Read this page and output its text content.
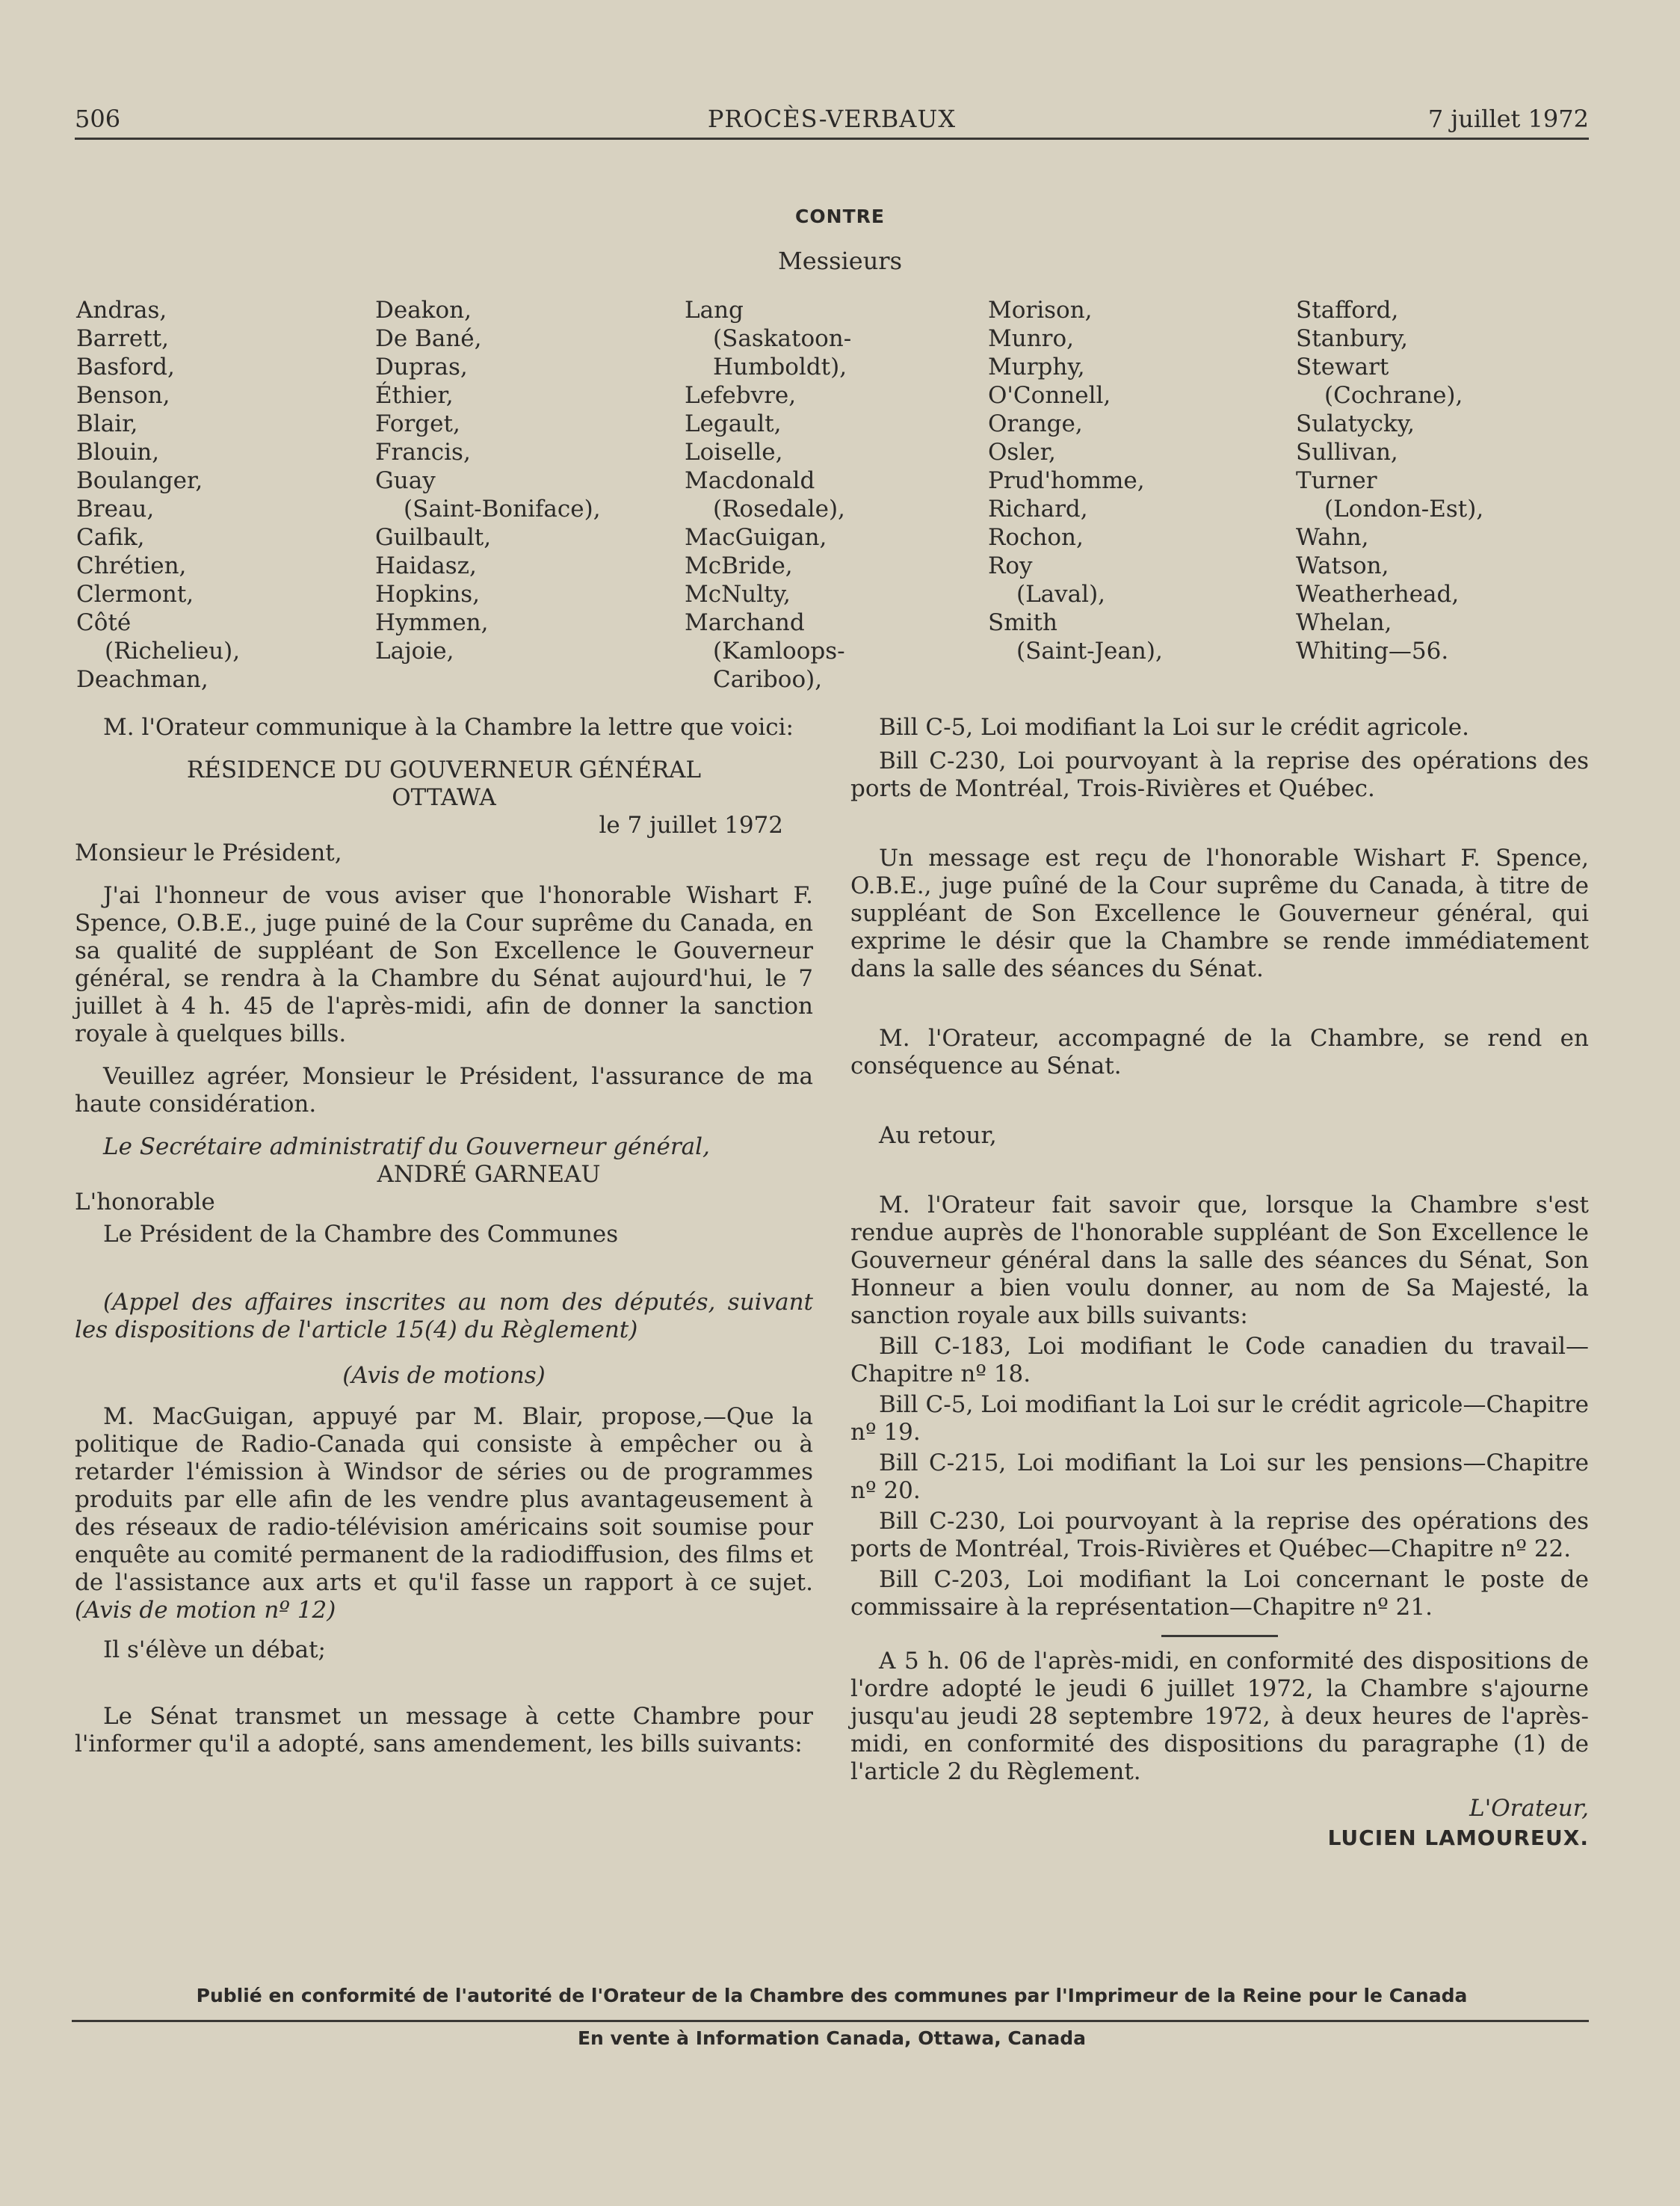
506	PROCÈS-VERBAUX	7 juillet 1972
CONTRE
Messieurs
Andras,
Barrett,
Basford,
Benson,
Blair,
Blouin,
Boulanger,
Breau,
Cafik,
Chrétien,
Clermont,
Côté
(Richelieu),
Deachman,
Deakon,
De Bané,
Dupras,
Éthier,
Forget,
Francis,
Guay
(Saint-Boniface),
Guilbault,
Haidasz,
Hopkins,
Hymmen,
Lajoie,
Lang
(Saskatoon-
Humboldt),
Lefebvre,
Legault,
Loiselle,
Macdonald
(Rosedale),
MacGuigan,
McBride,
McNulty,
Marchand
(Kamloops-
Cariboo),
Morison,
Munro,
Murphy,
O'Connell,
Orange,
Osler,
Prud'homme,
Richard,
Rochon,
Roy
(Laval),
Smith
(Saint-Jean),
Stafford,
Stanbury,
Stewart
(Cochrane),
Sulatycky,
Sullivan,
Turner
(London-Est),
Wahn,
Watson,
Weatherhead,
Whelan,
Whiting—56.

M. l'Orateur communique à la Chambre la lettre que voici:

RÉSIDENCE DU GOUVERNEUR GÉNÉRAL

OTTAWA

le 7 juillet 1972

Monsieur le Président,

J'ai l'honneur de vous aviser que l'honorable Wishart F. Spence, O.B.E., juge puiné de la Cour suprême du Canada, en sa qualité de suppléant de Son Excellence le Gouverneur général, se rendra à la Chambre du Sénat aujourd'hui, le 7 juillet à 4 h. 45 de l'après-midi, afin de donner la sanction royale à quelques bills.

Veuillez agréer, Monsieur le Président, l'assurance de ma haute considération.

Le Secrétaire administratif du Gouverneur général,

ANDRÉ GARNEAU

L'honorable

Le Président de la Chambre des Communes

(Appel des affaires inscrites au nom des députés, suivant les dispositions de l'article 15(4) du Règlement)

(Avis de motions)

M. MacGuigan, appuyé par M. Blair, propose,—Que la politique de Radio-Canada qui consiste à empêcher ou à retarder l'émission à Windsor de séries ou de programmes produits par elle afin de les vendre plus avantageusement à des réseaux de radio-télévision américains soit soumise pour enquête au comité permanent de la radiodiffusion, des films et de l'assistance aux arts et qu'il fasse un rapport à ce sujet. (Avis de motion nº 12)

Il s'élève un débat;

Le Sénat transmet un message à cette Chambre pour l'informer qu'il a adopté, sans amendement, les bills suivants:

Bill C-5, Loi modifiant la Loi sur le crédit agricole.

Bill C-230, Loi pourvoyant à la reprise des opérations des ports de Montréal, Trois-Rivières et Québec.

Un message est reçu de l'honorable Wishart F. Spence, O.B.E., juge puîné de la Cour suprême du Canada, à titre de suppléant de Son Excellence le Gouverneur général, qui exprime le désir que la Chambre se rende immédiatement dans la salle des séances du Sénat.

M. l'Orateur, accompagné de la Chambre, se rend en conséquence au Sénat.

Au retour,

M. l'Orateur fait savoir que, lorsque la Chambre s'est rendue auprès de l'honorable suppléant de Son Excellence le Gouverneur général dans la salle des séances du Sénat, Son Honneur a bien voulu donner, au nom de Sa Majesté, la sanction royale aux bills suivants:

Bill C-183, Loi modifiant le Code canadien du travail—Chapitre nº 18.

Bill C-5, Loi modifiant la Loi sur le crédit agricole—Chapitre nº 19.

Bill C-215, Loi modifiant la Loi sur les pensions—Chapitre nº 20.

Bill C-230, Loi pourvoyant à la reprise des opérations des ports de Montréal, Trois-Rivières et Québec—Chapitre nº 22.

Bill C-203, Loi modifiant la Loi concernant le poste de commissaire à la représentation—Chapitre nº 21.

A 5 h. 06 de l'après-midi, en conformité des dispositions de l'ordre adopté le jeudi 6 juillet 1972, la Chambre s'ajourne jusqu'au jeudi 28 septembre 1972, à deux heures de l'après-midi, en conformité des dispositions du paragraphe (1) de l'article 2 du Règlement.

L'Orateur,

LUCIEN LAMOUREUX.

Publié en conformité de l'autorité de l'Orateur de la Chambre des communes par l'Imprimeur de la Reine pour le Canada
En vente à Information Canada, Ottawa, Canada
